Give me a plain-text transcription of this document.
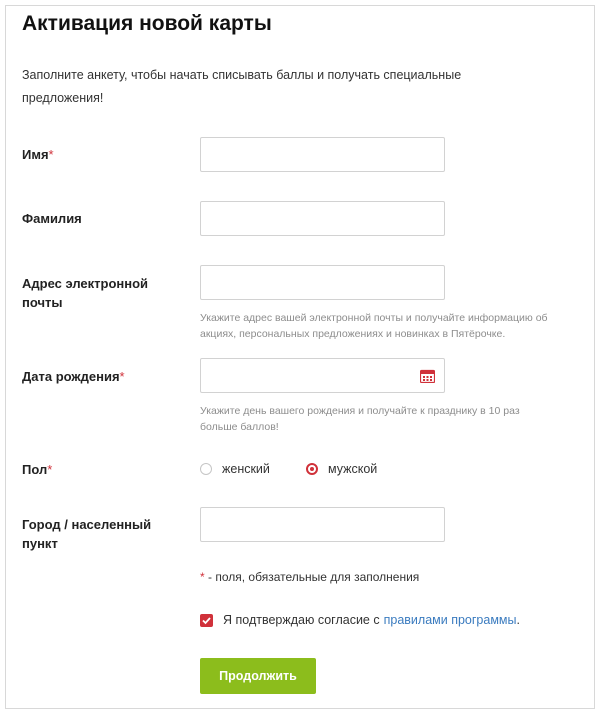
Активация новой карты
Заполните анкету, чтобы начать списывать баллы и получать специальные предложения!
Имя*
Фамилия
Адрес электронной почты
Укажите адрес вашей электронной почты и получайте информацию об акциях, персональных предложениях и новинках в Пятёрочке.
Дата рождения*
Укажите день вашего рождения и получайте к празднику в 10 раз больше баллов!
Пол*	женский	мужской
Город / населенный пункт
* - поля, обязательные для заполнения
Я подтверждаю согласие с правилами программы .
Продолжить
